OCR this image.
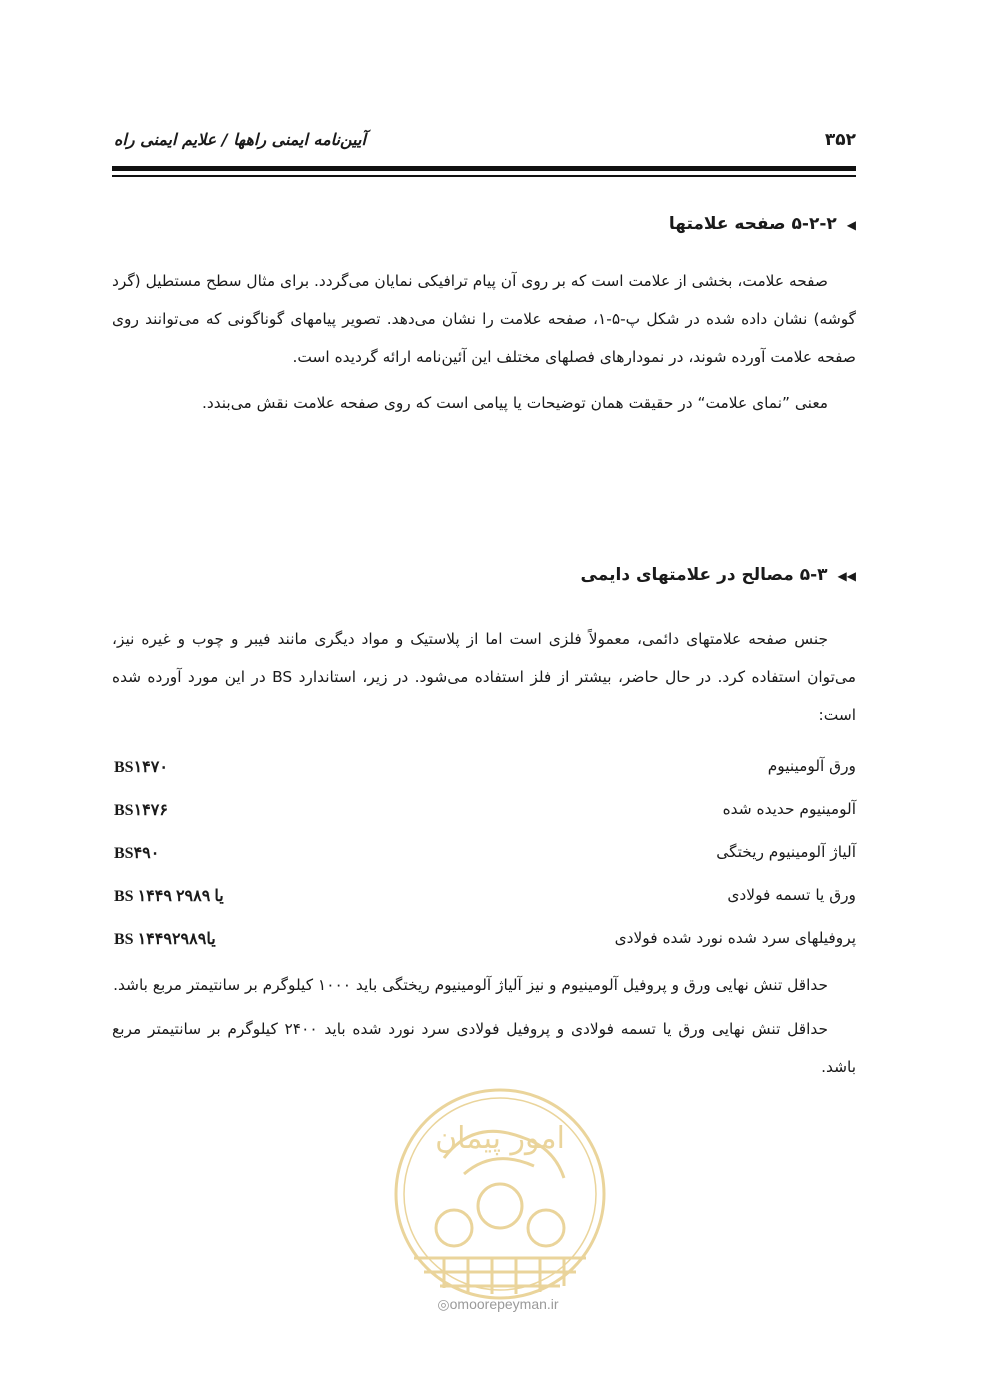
۳۵۲
آیین‌نامه ایمنی راهها / علایم ایمنی راه
◀۵-۲-۲ صفحه علامتها

صفحه علامت، بخشی از علامت است که بر روی آن پیام ترافیکی نمایان می‌گردد. برای مثال سطح مستطیل (گرد گوشه) نشان داده شده در شکل پ-۵-۱، صفحه علامت را نشان می‌دهد. تصویر پیامهای گوناگونی که می‌توانند روی صفحه علامت آورده شوند، در نمودارهای فصلهای مختلف این آئین‌نامه ارائه گردیده است.

معنی ”نمای علامت“ در حقیقت همان توضیحات یا پیامی است که روی صفحه علامت نقش می‌بندد.

◀◀۵-۳ مصالح در علامتهای دایمی

جنس صفحه علامتهای دائمی، معمولاً فلزی است اما از پلاستیک و مواد دیگری مانند فیبر و چوب و غیره نیز، می‌توان استفاده کرد. در حال حاضر، بیشتر از فلز استفاده می‌شود. در زیر، استاندارد BS در این مورد آورده شده است:

ورق آلومینیوم
BS۱۴۷۰
آلومینیوم حدیده شده
BS۱۴۷۶
آلیاژ آلومینیوم ریختگی
BS۴۹۰
ورق یا تسمه فولادی
BS ۱۴۴۹ یا ۲۹۸۹
پروفیلهای سرد شده نورد شده فولادی
BS ۱۴۴۹یا۲۹۸۹

حداقل تنش نهایی ورق و پروفیل آلومینیوم و نیز آلیاژ آلومینیوم ریختگی باید ۱۰۰۰ کیلوگرم بر سانتیمتر مربع باشد.

حداقل تنش نهایی ورق یا تسمه فولادی و پروفیل فولادی سرد نورد شده باید ۲۴۰۰ کیلوگرم بر سانتیمتر مربع باشد.

امور پیمان
◎omoorepeyman.ir
